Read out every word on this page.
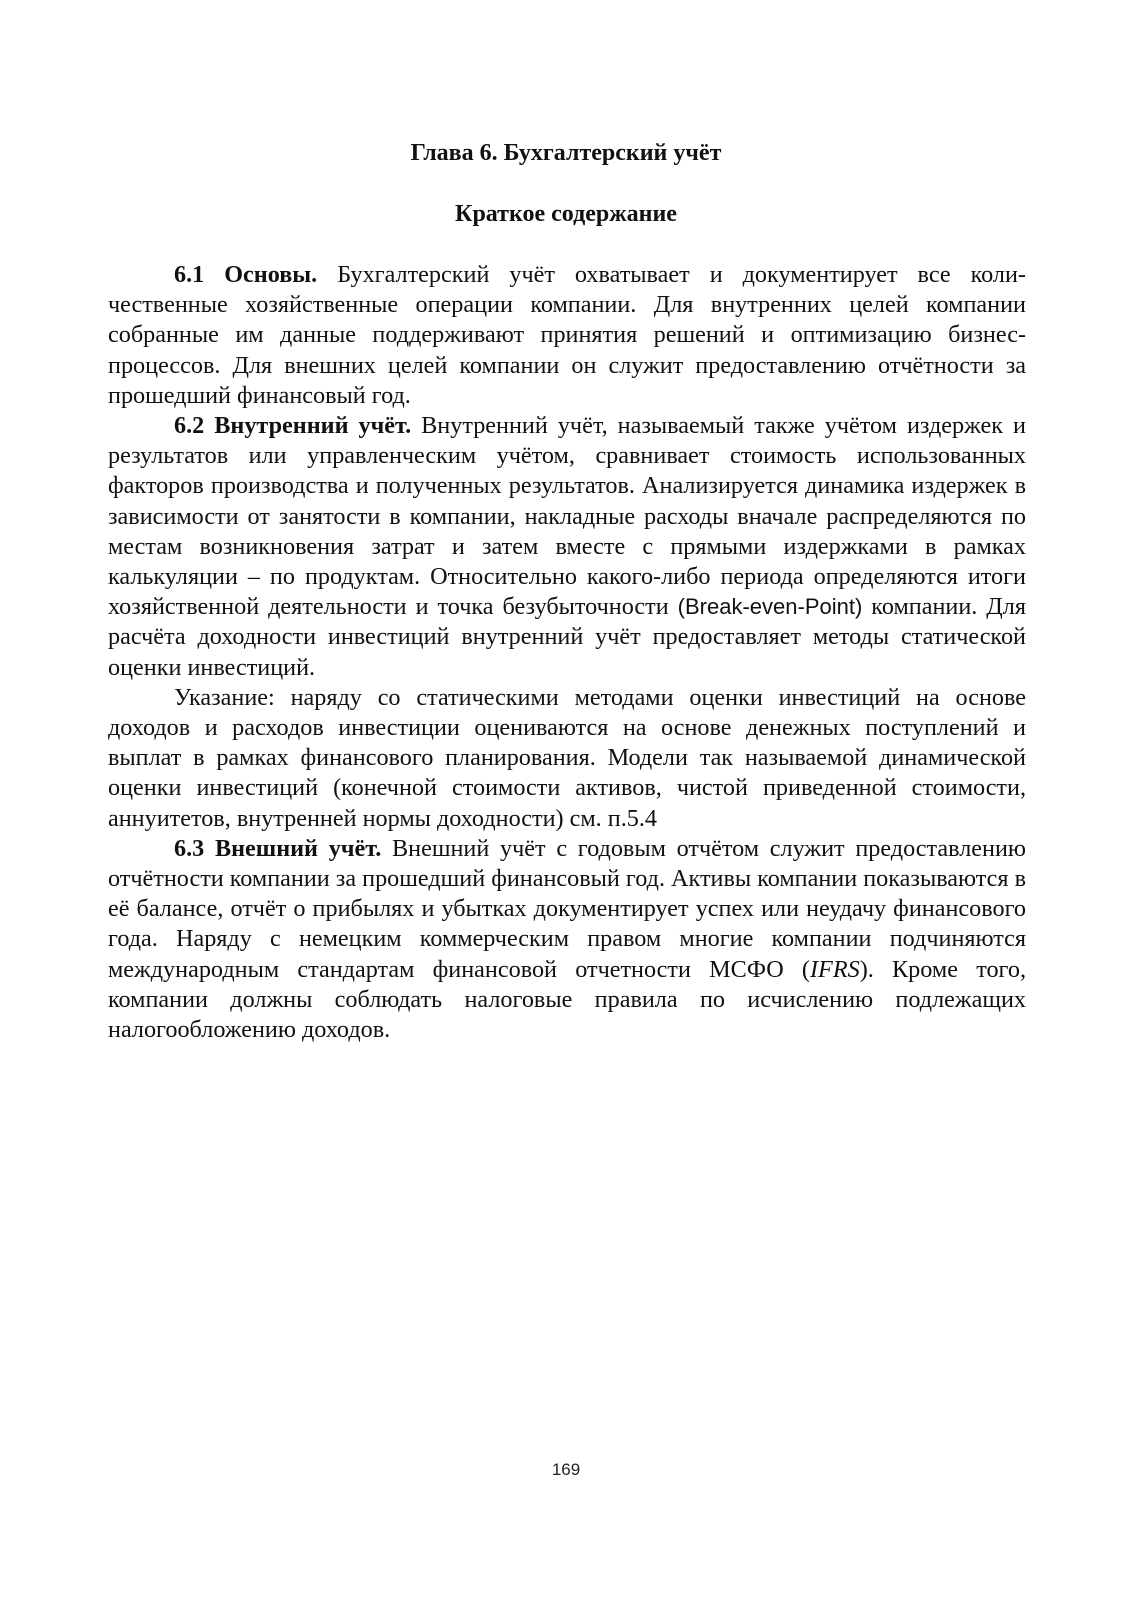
Глава 6. Бухгалтерский учёт
Краткое содержание

6.1 Основы. Бухгалтерский учёт охватывает и документирует все количественные хозяйственные операции компании. Для внутренних целей компании собранные им данные поддерживают принятия решений и оптимизацию бизнес-процессов. Для внешних целей компании он служит предоставлению отчётности за прошедший финансовый год.

6.2 Внутренний учёт. Внутренний учёт, называемый также учётом издержек и результатов или управленческим учётом, сравнивает стоимость использованных факторов производства и полученных результатов. Анализируется динамика издержек в зависимости от занятости в компании, накладные расходы вначале распределяются по местам возникновения затрат и затем вместе с прямыми издержками в рамках калькуляции – по продуктам. Относительно какого-либо периода определяются итоги хозяйственной деятельности и точка безубыточности (Break-even-Point) компании. Для расчёта доходности инвестиций внутренний учёт предоставляет методы статической оценки инвестиций.

Указание: наряду со статическими методами оценки инвестиций на основе доходов и расходов инвестиции оцениваются на основе денежных поступлений и выплат в рамках финансового планирования. Модели так называемой динамической оценки инвестиций (конечной стоимости активов, чистой приведенной стоимости, аннуитетов, внутренней нормы доходности) см. п.5.4

6.3 Внешний учёт. Внешний учёт с годовым отчётом служит предоставлению отчётности компании за прошедший финансовый год. Активы компании показываются в её балансе, отчёт о прибылях и убытках документирует успех или неудачу финансового года. Наряду с немецким коммерческим правом многие компании подчиняются международным стандартам финансовой отчетности МСФО (IFRS). Кроме того, компании должны соблюдать налоговые правила по исчислению подлежащих налогообложению доходов.

169
